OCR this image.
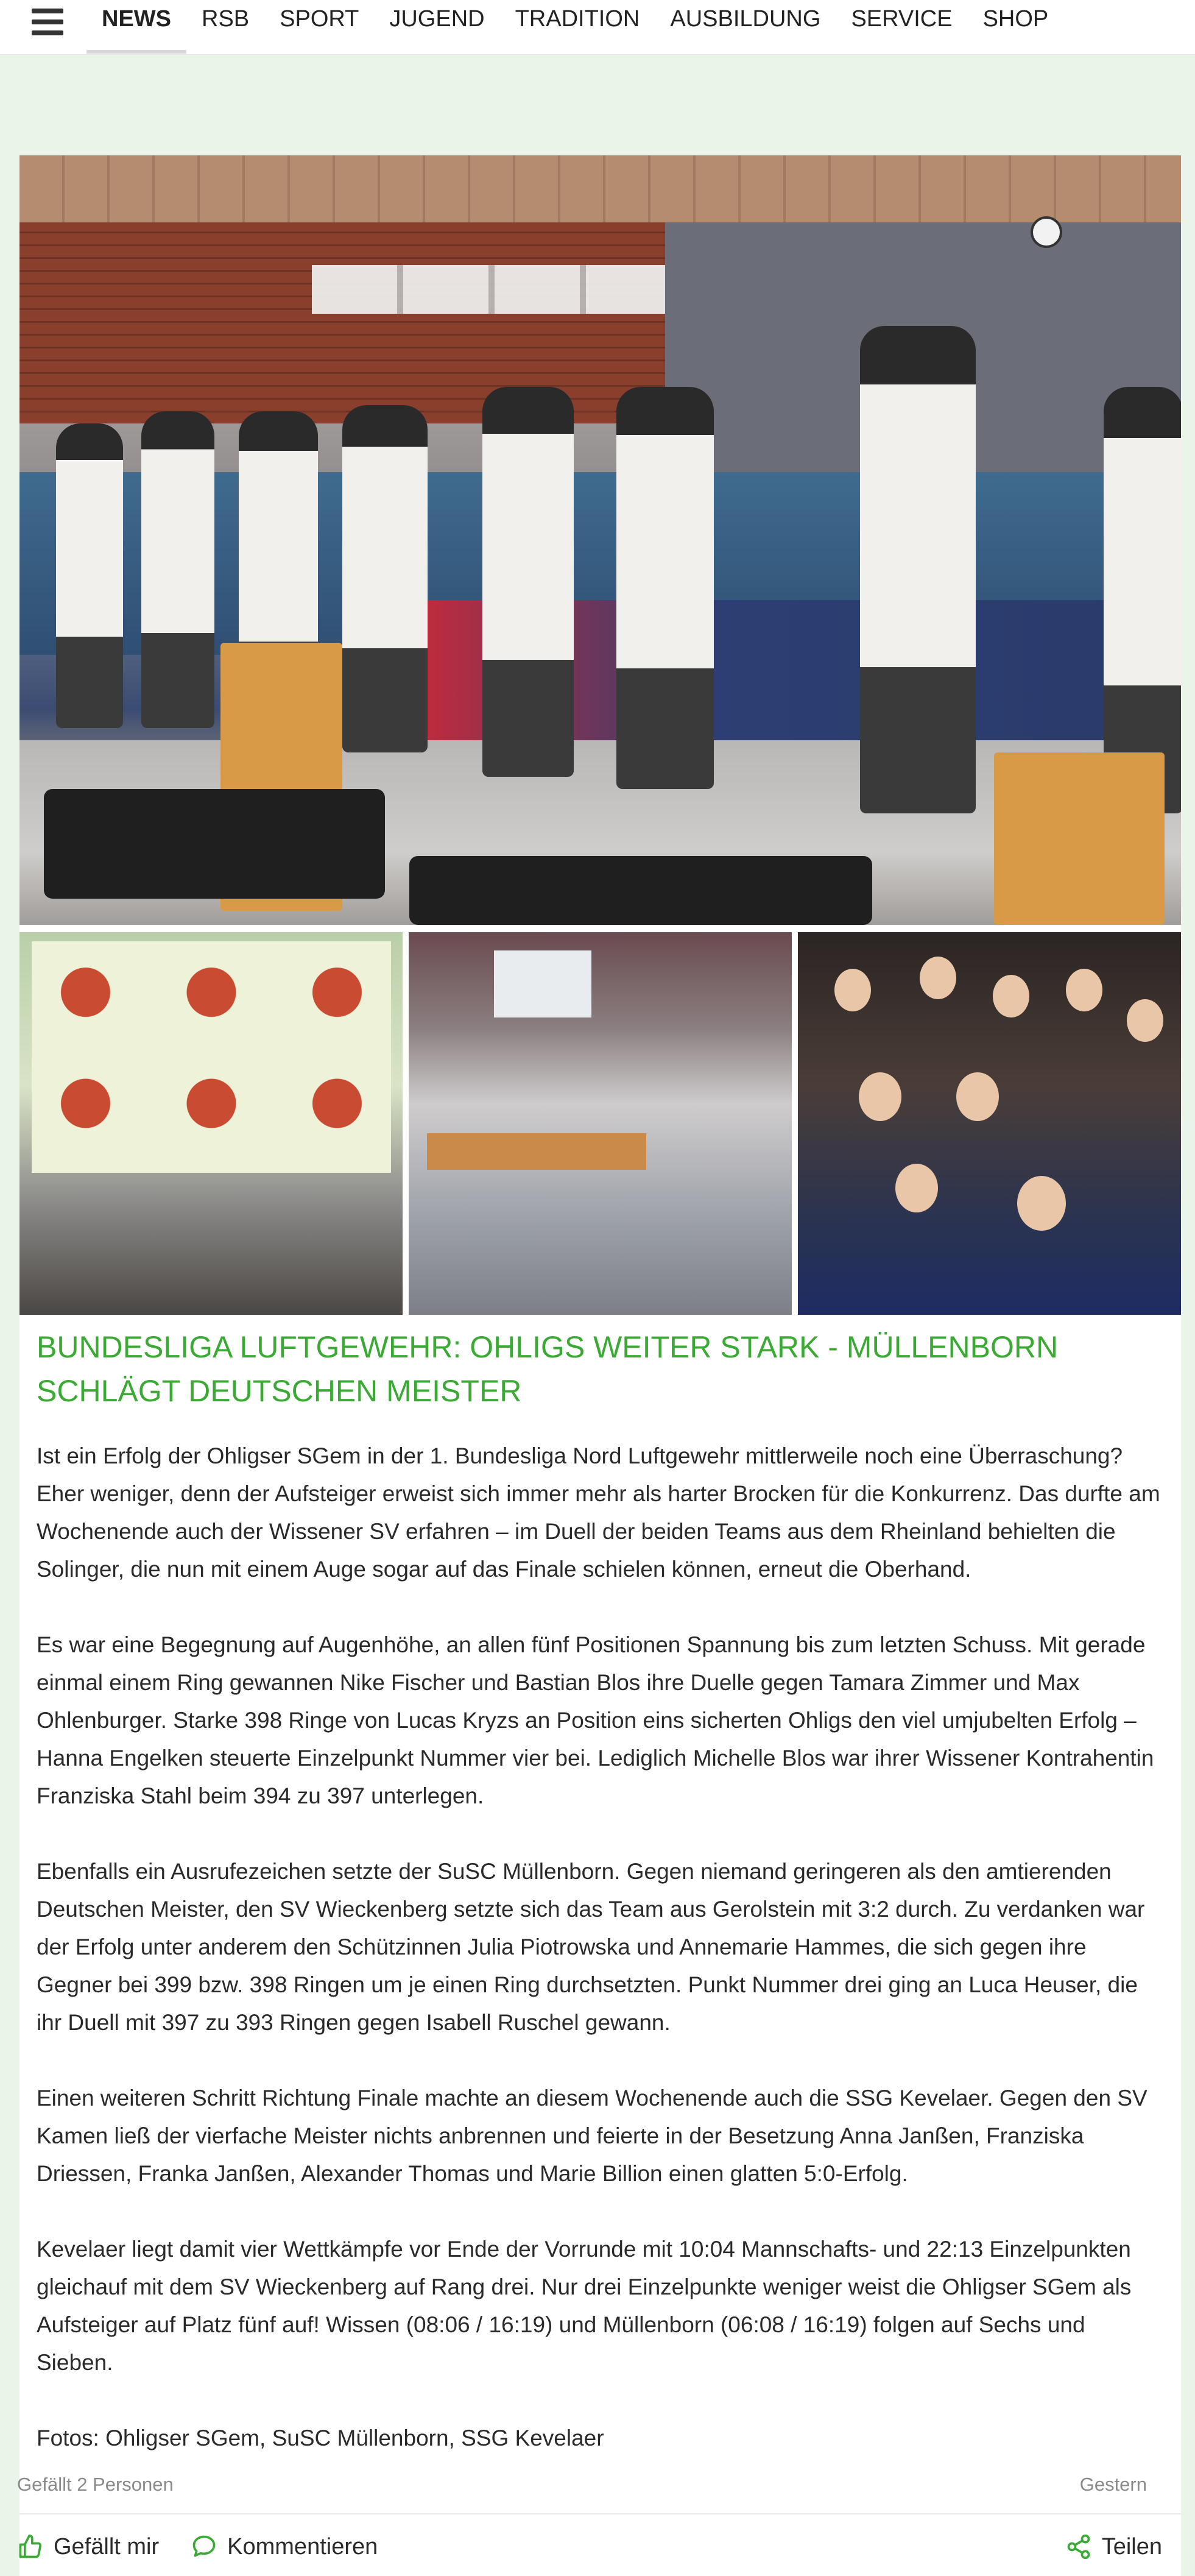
NEWS	RSB	SPORT	JUGEND	TRADITION	AUSBILDUNG	SERVICE	SHOP
BUNDESLIGA LUFTGEWEHR: OHLIGS WEITER STARK - MÜLLENBORN SCHLÄGT DEUTSCHEN MEISTER

Ist ein Erfolg der Ohligser SGem in der 1. Bundesliga Nord Luftgewehr mittlerweile noch eine Überraschung? Eher weniger, denn der Aufsteiger erweist sich immer mehr als harter Brocken für die Konkurrenz. Das durfte am Wochenende auch der Wissener SV erfahren – im Duell der beiden Teams aus dem Rheinland behielten die Solinger, die nun mit einem Auge sogar auf das Finale schielen können, erneut die Oberhand.

Es war eine Begegnung auf Augenhöhe, an allen fünf Positionen Spannung bis zum letzten Schuss. Mit gerade einmal einem Ring gewannen Nike Fischer und Bastian Blos ihre Duelle gegen Tamara Zimmer und Max Ohlenburger. Starke 398 Ringe von Lucas Kryzs an Position eins sicherten Ohligs den viel umjubelten Erfolg – Hanna Engelken steuerte Einzelpunkt Nummer vier bei. Lediglich Michelle Blos war ihrer Wissener Kontrahentin Franziska Stahl beim 394 zu 397 unterlegen.

Ebenfalls ein Ausrufezeichen setzte der SuSC Müllenborn. Gegen niemand geringeren als den amtierenden Deutschen Meister, den SV Wieckenberg setzte sich das Team aus Gerolstein mit 3:2 durch. Zu verdanken war der Erfolg unter anderem den Schützinnen Julia Piotrowska und Annemarie Hammes, die sich gegen ihre Gegner bei 399 bzw. 398 Ringen um je einen Ring durchsetzten. Punkt Nummer drei ging an Luca Heuser, die ihr Duell mit 397 zu 393 Ringen gegen Isabell Ruschel gewann.

Einen weiteren Schritt Richtung Finale machte an diesem Wochenende auch die SSG Kevelaer. Gegen den SV Kamen ließ der vierfache Meister nichts anbrennen und feierte in der Besetzung Anna Janßen, Franziska Driessen, Franka Janßen, Alexander Thomas und Marie Billion einen glatten 5:0-Erfolg.

Kevelaer liegt damit vier Wettkämpfe vor Ende der Vorrunde mit 10:04 Mannschafts- und 22:13 Einzelpunkten gleichauf mit dem SV Wieckenberg auf Rang drei. Nur drei Einzelpunkte weniger weist die Ohligser SGem als Aufsteiger auf Platz fünf auf! Wissen (08:06 / 16:19) und Müllenborn (06:08 / 16:19) folgen auf Sechs und Sieben.

Fotos: Ohligser SGem, SuSC Müllenborn, SSG Kevelaer

Gefällt 2 Personen	Gestern
Gefällt mir	Kommentieren	Teilen
